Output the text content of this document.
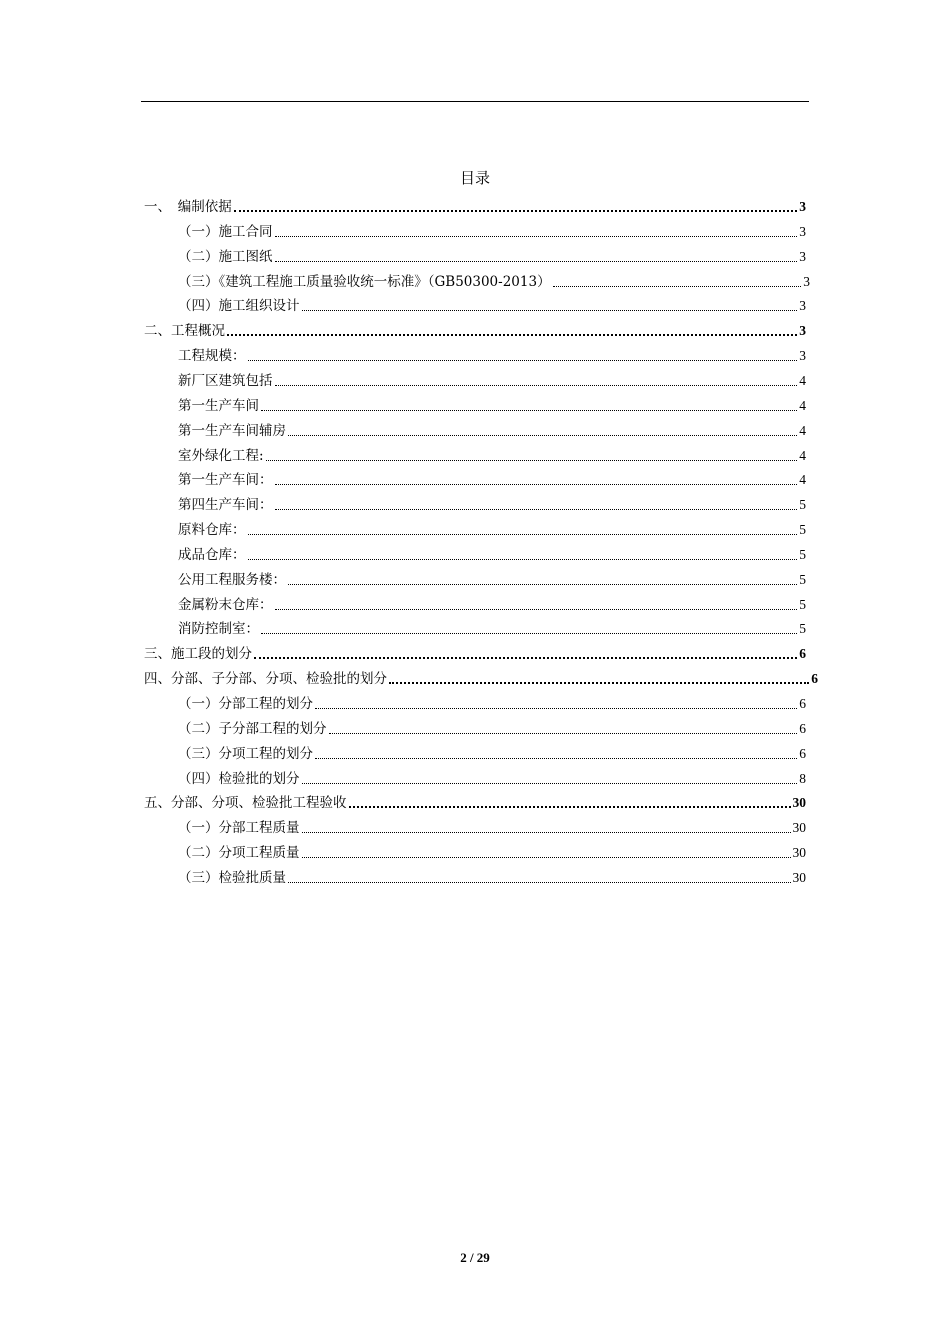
目录
一、　编制依据	3
（一）施工合同	3
（二）施工图纸	3
（三）《建筑工程施工质量验收统一标准》（GB50300-2013）	3
（四）施工组织设计	3
二、工程概况	3
工程规模：	3
新厂区建筑包括	4
第一生产车间	4
第一生产车间辅房	4
室外绿化工程:	4
第一生产车间：	4
第四生产车间：	5
原料仓库：	5
成品仓库：	5
公用工程服务楼：	5
金属粉末仓库：	5
消防控制室：	5
三、施工段的划分	6
四、分部、子分部、分项、检验批的划分	6
（一）分部工程的划分	6
（二）子分部工程的划分	6
（三）分项工程的划分	6
（四）检验批的划分	8
五、分部、分项、检验批工程验收	30
（一）分部工程质量	30
（二）分项工程质量	30
（三）检验批质量	30
2 / 29
